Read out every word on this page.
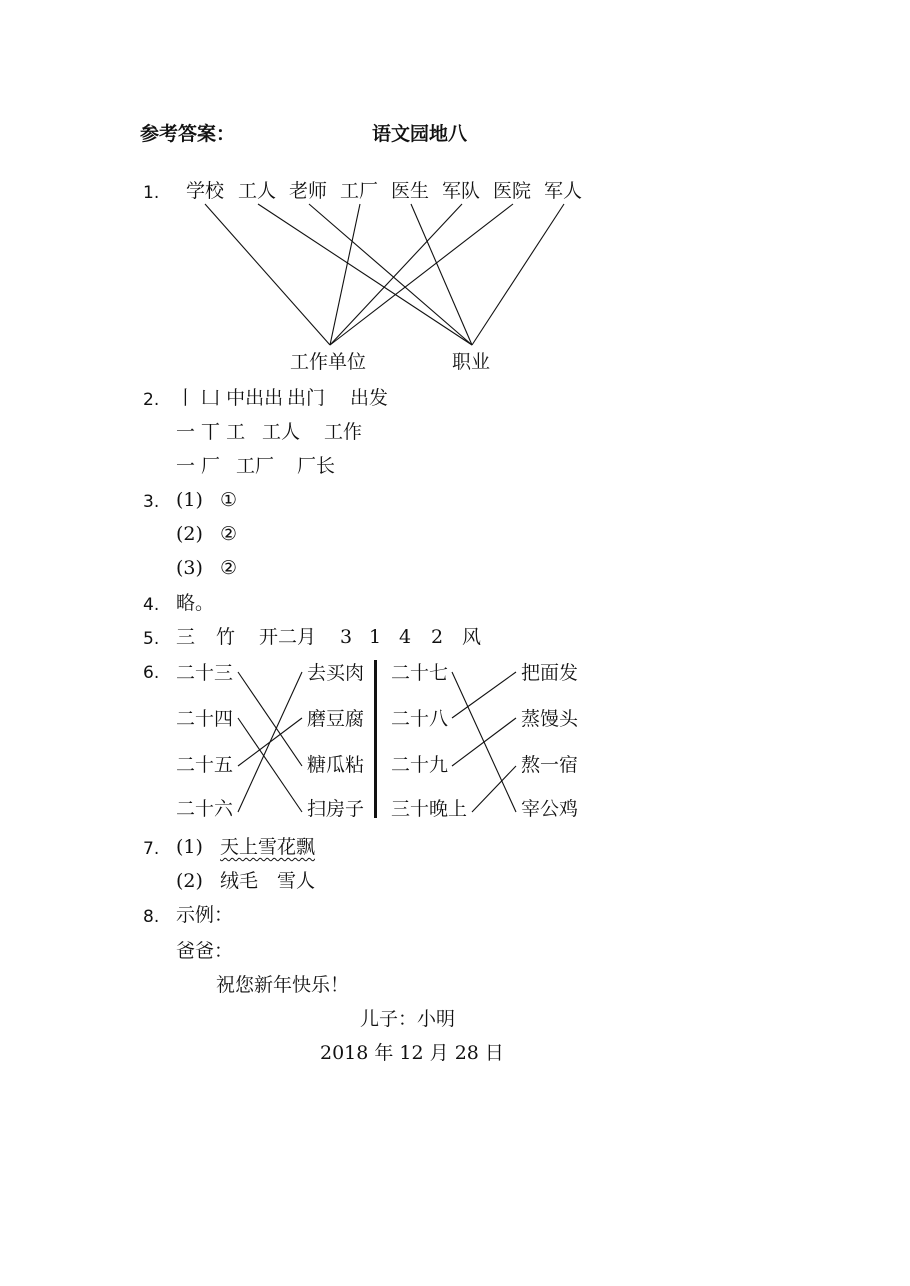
参考答案：	语文园地八
1. 学校 工人 老师 工厂 医生 军队 医院 军人
工作单位	职业
2. ⼁ ⼐ 中出出 出门 出发
一 丅 工 工人 工作
一 厂 工厂 厂长
3. (1) ①
(2) ②
(3) ②
4. 略。
5. 三 竹 开二月 3 1 4 2 风
6. 二十三
二十四
二十五
二十六
去买肉
磨豆腐
糖瓜粘
扫房子
二十七
二十八
二十九
三十晚上
把面发
蒸馒头
熬一宿
宰公鸡
7. (1) 天上雪花飘
(2) 绒毛　雪人
8. 示例：
爸爸：
祝您新年快乐！
儿子：小明
2018 年 12 月 28 日
